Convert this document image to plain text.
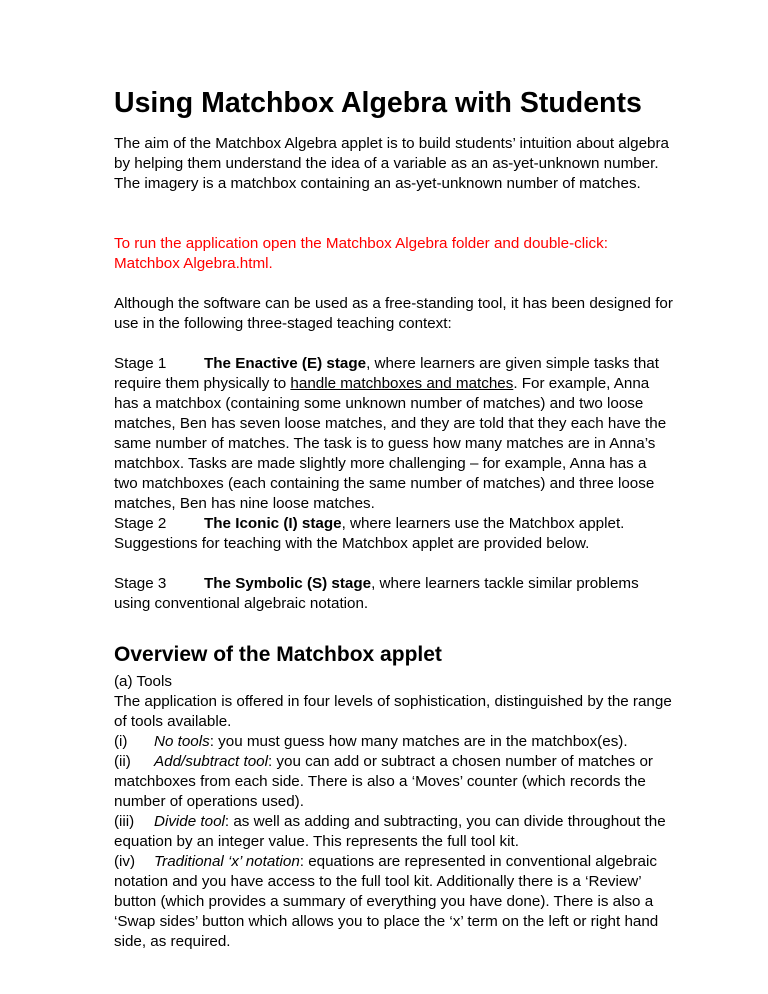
Using Matchbox Algebra with Students

The aim of the Matchbox Algebra applet is to build students’ intuition about algebra by helping them understand the idea of a variable as an as-yet-unknown number. The imagery is a matchbox containing an as-yet-unknown number of matches.

To run the application open the Matchbox Algebra folder and double-click: Matchbox Algebra.html.

Although the software can be used as a free-standing tool, it has been designed for use in the following three-staged teaching context:

Stage 1 The Enactive (E) stage, where learners are given simple tasks that require them physically to handle matchboxes and matches. For example, Anna has a matchbox (containing some unknown number of matches) and two loose matches, Ben has seven loose matches, and they are told that they each have the same number of matches. The task is to guess how many matches are in Anna’s matchbox. Tasks are made slightly more challenging – for example, Anna has a two matchboxes (each containing the same number of matches) and three loose matches, Ben has nine loose matches.

Stage 2 The Iconic (I) stage, where learners use the Matchbox applet. Suggestions for teaching with the Matchbox applet are provided below.

Stage 3 The Symbolic (S) stage, where learners tackle similar problems using conventional algebraic notation.

Overview of the Matchbox applet

(a) Tools

The application is offered in four levels of sophistication, distinguished by the range of tools available.

(i) No tools: you must guess how many matches are in the matchbox(es).

(ii) Add/subtract tool: you can add or subtract a chosen number of matches or matchboxes from each side. There is also a ‘Moves’ counter (which records the number of operations used).

(iii) Divide tool: as well as adding and subtracting, you can divide throughout the equation by an integer value. This represents the full tool kit.

(iv) Traditional ‘x’ notation: equations are represented in conventional algebraic notation and you have access to the full tool kit. Additionally there is a ‘Review’ button (which provides a summary of everything you have done). There is also a ‘Swap sides’ button which allows you to place the ‘x’ term on the left or right hand side, as required.
